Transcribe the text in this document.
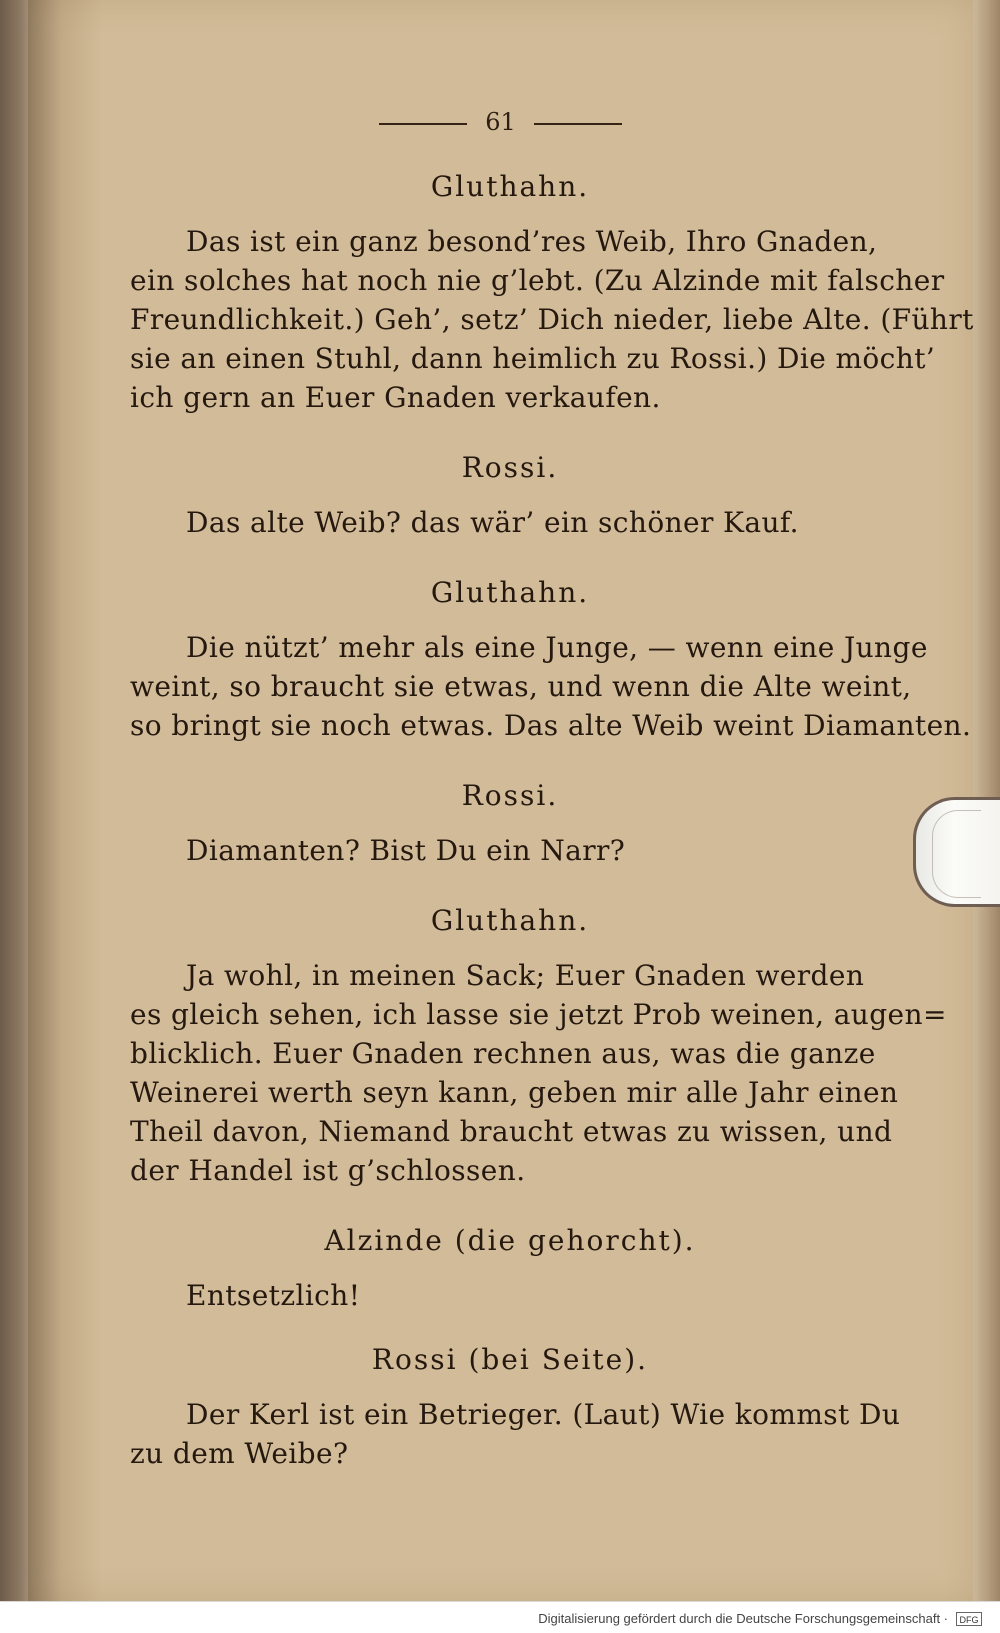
61

Gluthahn.

Das ist ein ganz besond’res Weib, Ihro Gnaden,

ein solches hat noch nie g’lebt. (Zu Alzinde mit falscher

Freundlichkeit.) Geh’, setz’ Dich nieder, liebe Alte. (Führt

sie an einen Stuhl, dann heimlich zu Rossi.) Die möcht’

ich gern an Euer Gnaden verkaufen.

Rossi.

Das alte Weib? das wär’ ein schöner Kauf.

Gluthahn.

Die nützt’ mehr als eine Junge, — wenn eine Junge

weint, so braucht sie etwas, und wenn die Alte weint,

so bringt sie noch etwas. Das alte Weib weint Diamanten.

Rossi.

Diamanten? Bist Du ein Narr?

Gluthahn.

Ja wohl, in meinen Sack; Euer Gnaden werden

es gleich sehen, ich lasse sie jetzt Prob weinen, augen=

blicklich. Euer Gnaden rechnen aus, was die ganze

Weinerei werth seyn kann, geben mir alle Jahr einen

Theil davon, Niemand braucht etwas zu wissen, und

der Handel ist g’schlossen.

Alzinde (die gehorcht).

Entsetzlich!

Rossi (bei Seite).

Der Kerl ist ein Betrieger. (Laut) Wie kommst Du

zu dem Weibe?

Digitalisierung gefördert durch die Deutsche Forschungsgemeinschaft ·	DFG
